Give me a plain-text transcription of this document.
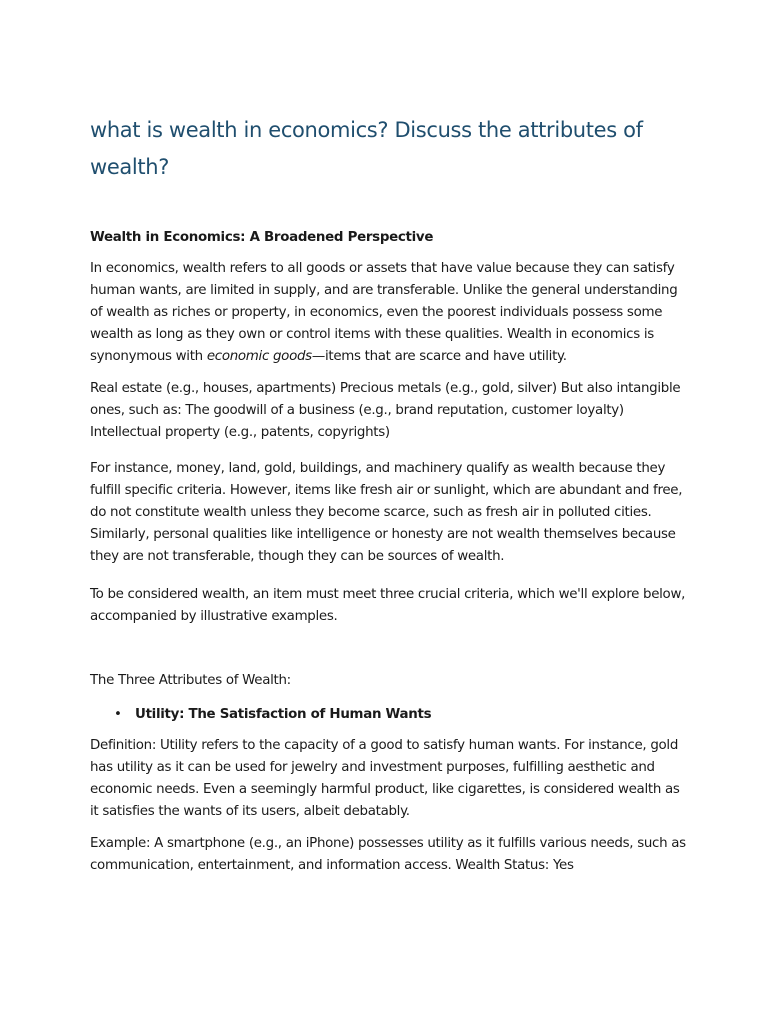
what is wealth in economics? Discuss the attributes of wealth?
Wealth in Economics: A Broadened Perspective

In economics, wealth refers to all goods or assets that have value because they can satisfy human wants, are limited in supply, and are transferable. Unlike the general understanding of wealth as riches or property, in economics, even the poorest individuals possess some wealth as long as they own or control items with these qualities. Wealth in economics is synonymous with economic goods—items that are scarce and have utility.

Real estate (e.g., houses, apartments) Precious metals (e.g., gold, silver) But also intangible ones, such as: The goodwill of a business (e.g., brand reputation, customer loyalty) Intellectual property (e.g., patents, copyrights)

For instance, money, land, gold, buildings, and machinery qualify as wealth because they fulfill specific criteria. However, items like fresh air or sunlight, which are abundant and free, do not constitute wealth unless they become scarce, such as fresh air in polluted cities. Similarly, personal qualities like intelligence or honesty are not wealth themselves because they are not transferable, though they can be sources of wealth.

To be considered wealth, an item must meet three crucial criteria, which we'll explore below, accompanied by illustrative examples.

The Three Attributes of Wealth:

• Utility: The Satisfaction of Human Wants

Definition: Utility refers to the capacity of a good to satisfy human wants. For instance, gold has utility as it can be used for jewelry and investment purposes, fulfilling aesthetic and economic needs. Even a seemingly harmful product, like cigarettes, is considered wealth as it satisfies the wants of its users, albeit debatably.

Example: A smartphone (e.g., an iPhone) possesses utility as it fulfills various needs, such as communication, entertainment, and information access. Wealth Status: Yes
